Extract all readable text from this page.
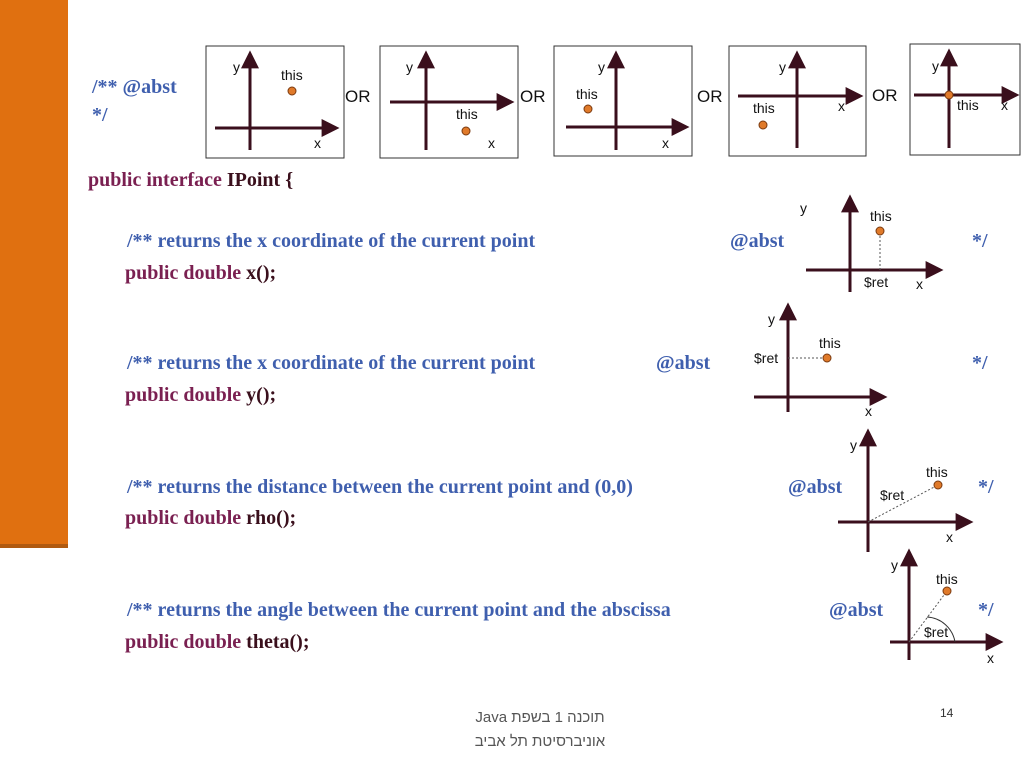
/** @abst
*/
public interface IPoint {
/** returns the x coordinate of the current point	@abst	*/
public double x();
/** returns the x coordinate of the current point	@abst	*/
public double y();
/** returns the distance between the current point and (0,0)	@abst	*/
public double rho();
/** returns the angle between the current point and the abscissa	@abst	*/
public double theta();
y
x
this
OR
y
x
this
OR
y
x
this	OR
y
x
this
OR
y
x
this
y
x
this
$ret
y
x
this
$ret
y
x
this
$ret
y
x
this
$ret
תוכנה 1 בשפת Java
אוניברסיטת תל אביב
14
